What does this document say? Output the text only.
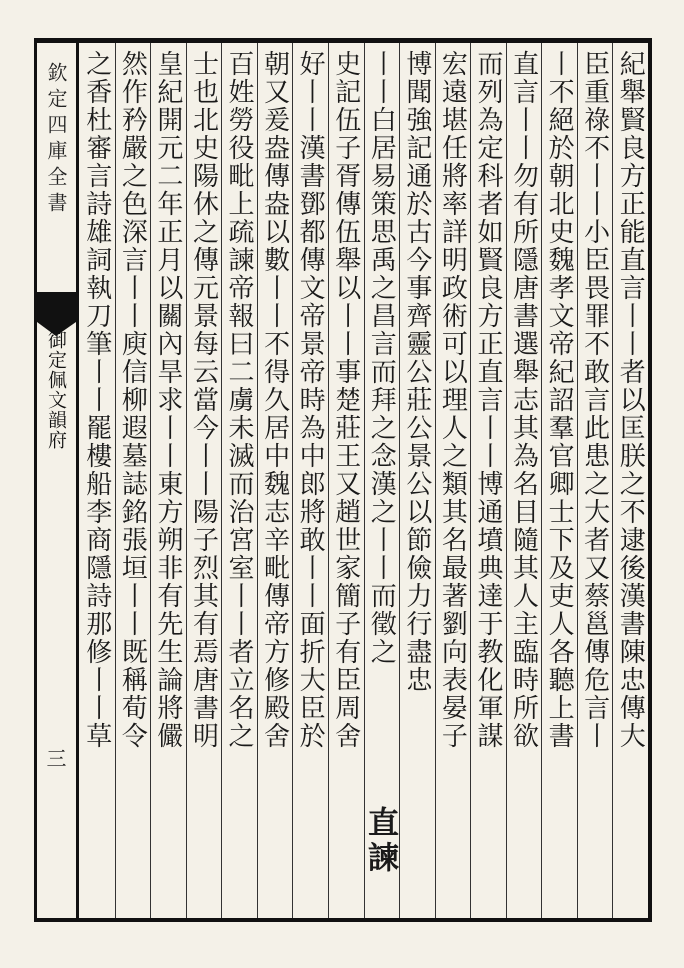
欽定四庫全書
御定佩文韻府
三
紀舉賢良方正能直言丨丨者以匡朕之不逮後漢書陳忠傳大
臣重祿不丨丨小臣畏罪不敢言此患之大者又蔡邕傳危言丨
丨不絕於朝北史魏孝文帝紀詔羣官卿士下及吏人各聽上書
直言丨丨勿有所隱唐書選舉志其為名目隨其人主臨時所欲
而列為定科者如賢良方正直言丨丨博通墳典達于教化軍謀
宏遠堪任將率詳明政術可以理人之類其名最著劉向表晏子
博聞強記通於古今事齊靈公莊公景公以節儉力行盡忠
丨丨白居易策思禹之昌言而拜之念漢之丨丨而徵之
史記伍子胥傳伍舉以丨丨事楚莊王又趙世家簡子有臣周舍
好丨丨漢書鄧都傳文帝景帝時為中郎將敢丨丨面折大臣於
朝又爰盎傳盎以數丨丨不得久居中魏志辛毗傳帝方修殿舍
百姓勞役毗上疏諫帝報曰二虜未滅而治宮室丨丨者立名之
士也北史陽休之傳元景每云當今丨丨陽子烈其有焉唐書明
皇紀開元二年正月以關內旱求丨丨東方朔非有先生論將儼
然作矜嚴之色深言丨丨庾信柳遐墓誌銘張垣丨丨既稱荀令
之香杜審言詩雄詞執刀筆丨丨罷樓船李商隱詩那修丨丨草
直諫
